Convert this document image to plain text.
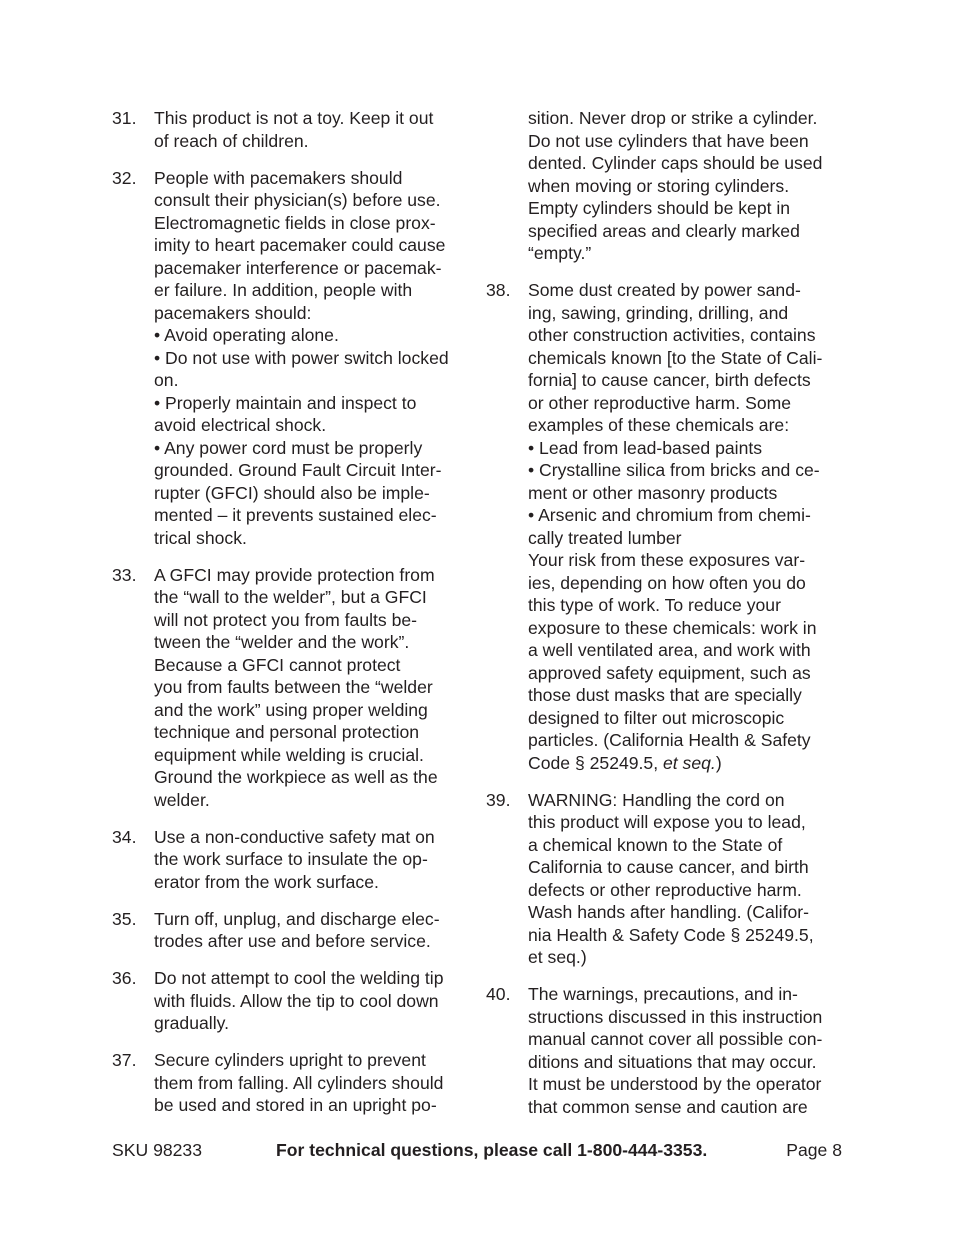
31. This product is not a toy. Keep it out
of reach of children.
32. People with pacemakers should
consult their physician(s) before use.
Electromagnetic fields in close prox-
imity to heart pacemaker could cause
pacemaker interference or pacemak-
er failure. In addition, people with
pacemakers should:
• Avoid operating alone.
• Do not use with power switch locked
on.
• Properly maintain and inspect to
avoid electrical shock.
• Any power cord must be properly
grounded. Ground Fault Circuit Inter-
rupter (GFCI) should also be imple-
mented – it prevents sustained elec-
trical shock.
33. A GFCI may provide protection from
the “wall to the welder”, but a GFCI
will not protect you from faults be-
tween the “welder and the work”.
Because a GFCI cannot protect
you from faults between the “welder
and the work” using proper welding
technique and personal protection
equipment while welding is crucial.
Ground the workpiece as well as the
welder.
34. Use a non-conductive safety mat on
the work surface to insulate the op-
erator from the work surface.
35. Turn off, unplug, and discharge elec-
trodes after use and before service.
36. Do not attempt to cool the welding tip
with fluids. Allow the tip to cool down
gradually.
37. Secure cylinders upright to prevent
them from falling. All cylinders should
be used and stored in an upright po-
sition. Never drop or strike a cylinder.
Do not use cylinders that have been
dented. Cylinder caps should be used
when moving or storing cylinders.
Empty cylinders should be kept in
specified areas and clearly marked
“empty.”
38. Some dust created by power sand-
ing, sawing, grinding, drilling, and
other construction activities, contains
chemicals known [to the State of Cali-
fornia] to cause cancer, birth defects
or other reproductive harm. Some
examples of these chemicals are:
• Lead from lead-based paints
• Crystalline silica from bricks and ce-
ment or other masonry products
• Arsenic and chromium from chemi-
cally treated lumber
Your risk from these exposures var-
ies, depending on how often you do
this type of work. To reduce your
exposure to these chemicals: work in
a well ventilated area, and work with
approved safety equipment, such as
those dust masks that are specially
designed to filter out microscopic
particles. (California Health & Safety
Code § 25249.5, et seq.)
39. WARNING: Handling the cord on
this product will expose you to lead,
a chemical known to the State of
California to cause cancer, and birth
defects or other reproductive harm.
Wash hands after handling. (Califor-
nia Health & Safety Code § 25249.5,
et seq.)
40. The warnings, precautions, and in-
structions discussed in this instruction
manual cannot cover all possible con-
ditions and situations that may occur.
It must be understood by the operator
that common sense and caution are
SKU 98233	For technical questions, please call 1-800-444-3353.	Page 8
